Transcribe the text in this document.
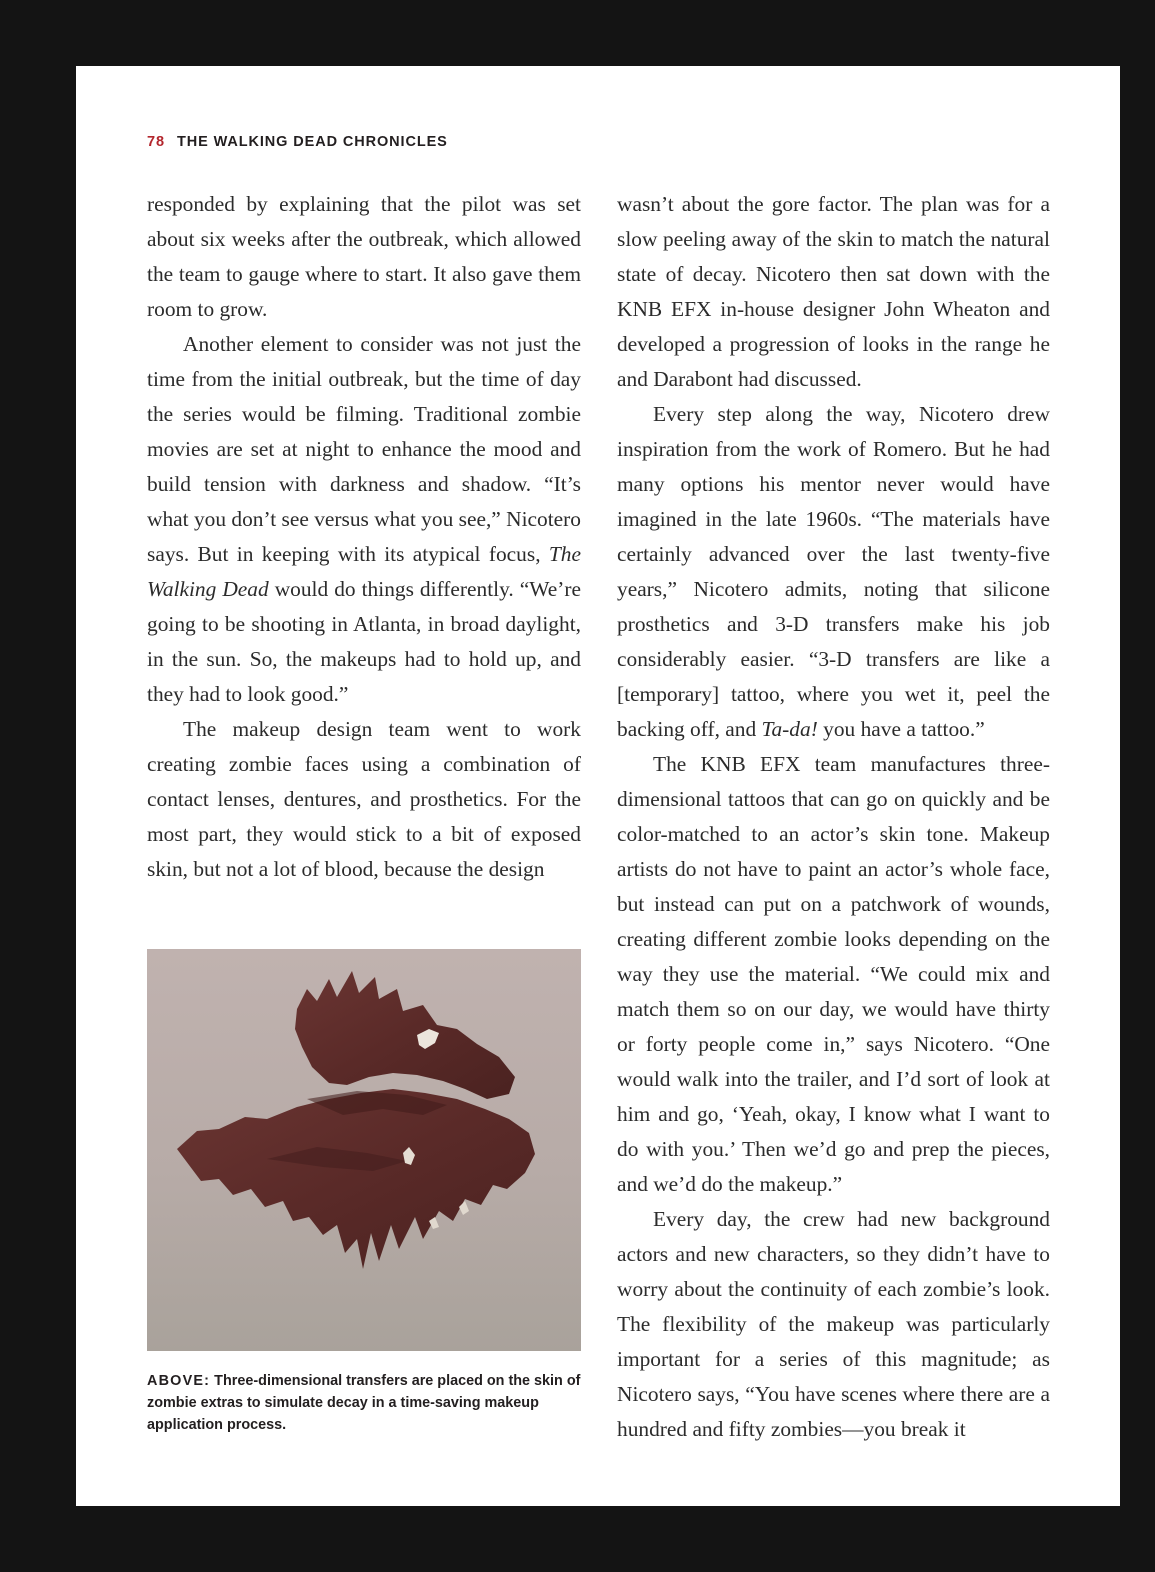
78 THE WALKING DEAD CHRONICLES

responded by explaining that the pilot was set about six weeks after the outbreak, which allowed the team to gauge where to start. It also gave them room to grow.

Another element to consider was not just the time from the initial outbreak, but the time of day the series would be filming. Traditional zombie movies are set at night to enhance the mood and build tension with darkness and shadow. “It’s what you don’t see versus what you see,” Nicotero says. But in keeping with its atypical focus, The Walking Dead would do things differently. “We’re going to be shooting in Atlanta, in broad daylight, in the sun. So, the makeups had to hold up, and they had to look good.”

The makeup design team went to work creating zombie faces using a combination of contact lenses, dentures, and prosthetics. For the most part, they would stick to a bit of exposed skin, but not a lot of blood, because the design

ABOVE: Three-dimensional transfers are placed on the skin of zombie extras to simulate decay in a time-saving makeup application process.

wasn’t about the gore factor. The plan was for a slow peeling away of the skin to match the natural state of decay. Nicotero then sat down with the KNB EFX in-house designer John Wheaton and developed a progression of looks in the range he and Darabont had discussed.

Every step along the way, Nicotero drew inspiration from the work of Romero. But he had many options his mentor never would have imagined in the late 1960s. “The materials have certainly advanced over the last twenty-five years,” Nicotero admits, noting that silicone prosthetics and 3-D transfers make his job considerably easier. “3-D transfers are like a [temporary] tattoo, where you wet it, peel the backing off, and Ta-da! you have a tattoo.”

The KNB EFX team manufactures three-dimensional tattoos that can go on quickly and be color-matched to an actor’s skin tone. Makeup artists do not have to paint an actor’s whole face, but instead can put on a patchwork of wounds, creating different zombie looks depending on the way they use the material. “We could mix and match them so on our day, we would have thirty or forty people come in,” says Nicotero. “One would walk into the trailer, and I’d sort of look at him and go, ‘Yeah, okay, I know what I want to do with you.’ Then we’d go and prep the pieces, and we’d do the makeup.”

Every day, the crew had new background actors and new characters, so they didn’t have to worry about the continuity of each zombie’s look. The flexibility of the makeup was particularly important for a series of this magnitude; as Nicotero says, “You have scenes where there are a hundred and fifty zombies—you break it
